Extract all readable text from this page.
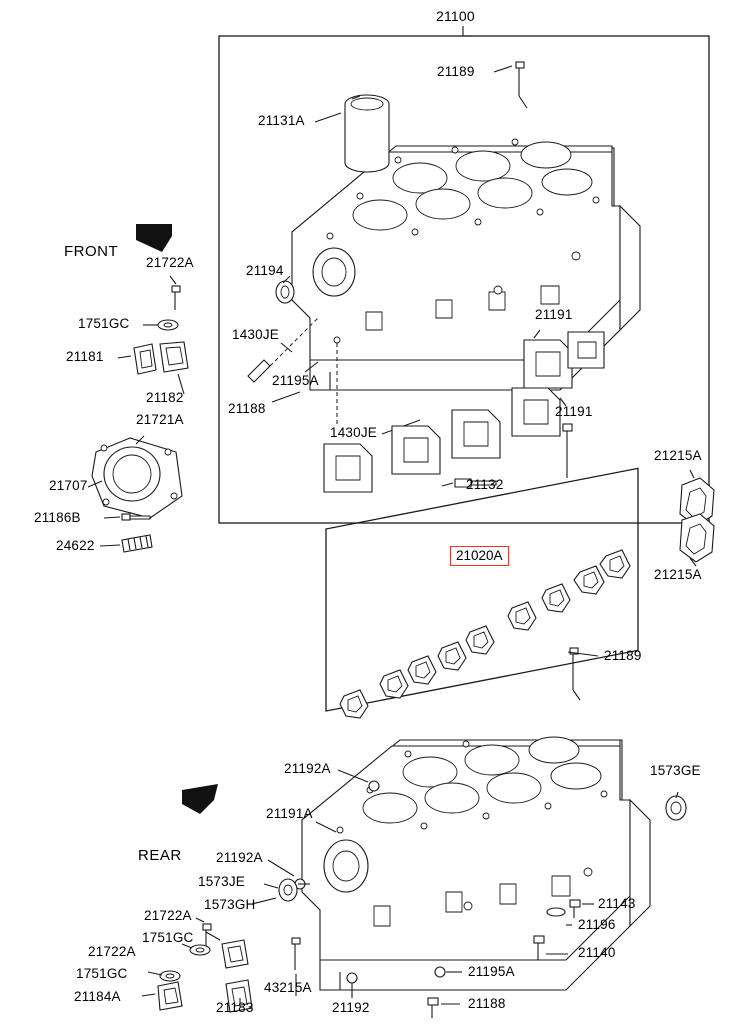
21100
21189
21131A
21194
1430JE
21195A
21188
1430JE
21191
21191
21132
FRONT
REAR
21722A
1751GC
21181
21182
21721A
21707
21186B
24622
21215A
21215A
1573GE
21020A
21189
21192A
21191A
21192A
1573JE
1573GH
21722A
1751GC
21722A
1751GC
21184A
21183
43215A
21192	21188
21195A
21140
21196
21143
